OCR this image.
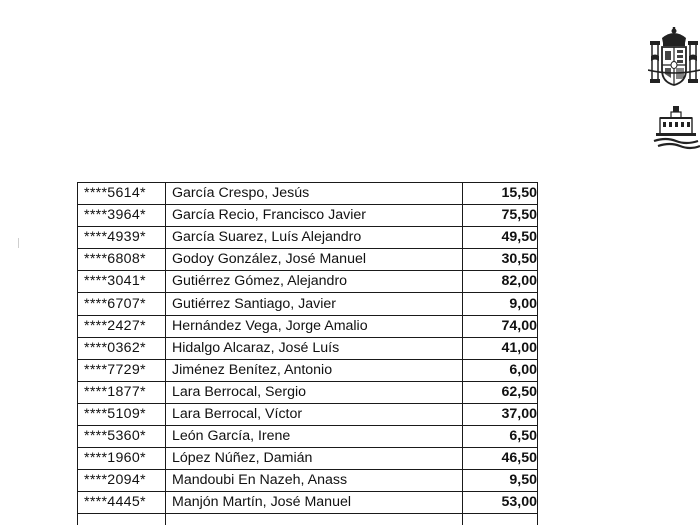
****5614*	García Crespo, Jesús	15,50
****3964*	García Recio, Francisco Javier	75,50
****4939*	García Suarez, Luís Alejandro	49,50
****6808*	Godoy González, José Manuel	30,50
****3041*	Gutiérrez Gómez, Alejandro	82,00
****6707*	Gutiérrez Santiago, Javier	9,00
****2427*	Hernández Vega, Jorge Amalio	74,00
****0362*	Hidalgo Alcaraz, José Luís	41,00
****7729*	Jiménez Benítez, Antonio	6,00
****1877*	Lara Berrocal, Sergio	62,50
****5109*	Lara Berrocal, Víctor	37,00
****5360*	León García, Irene	6,50
****1960*	López Núñez, Damián	46,50
****2094*	Mandoubi En Nazeh, Anass	9,50
****4445*	Manjón Martín, José Manuel	53,00
